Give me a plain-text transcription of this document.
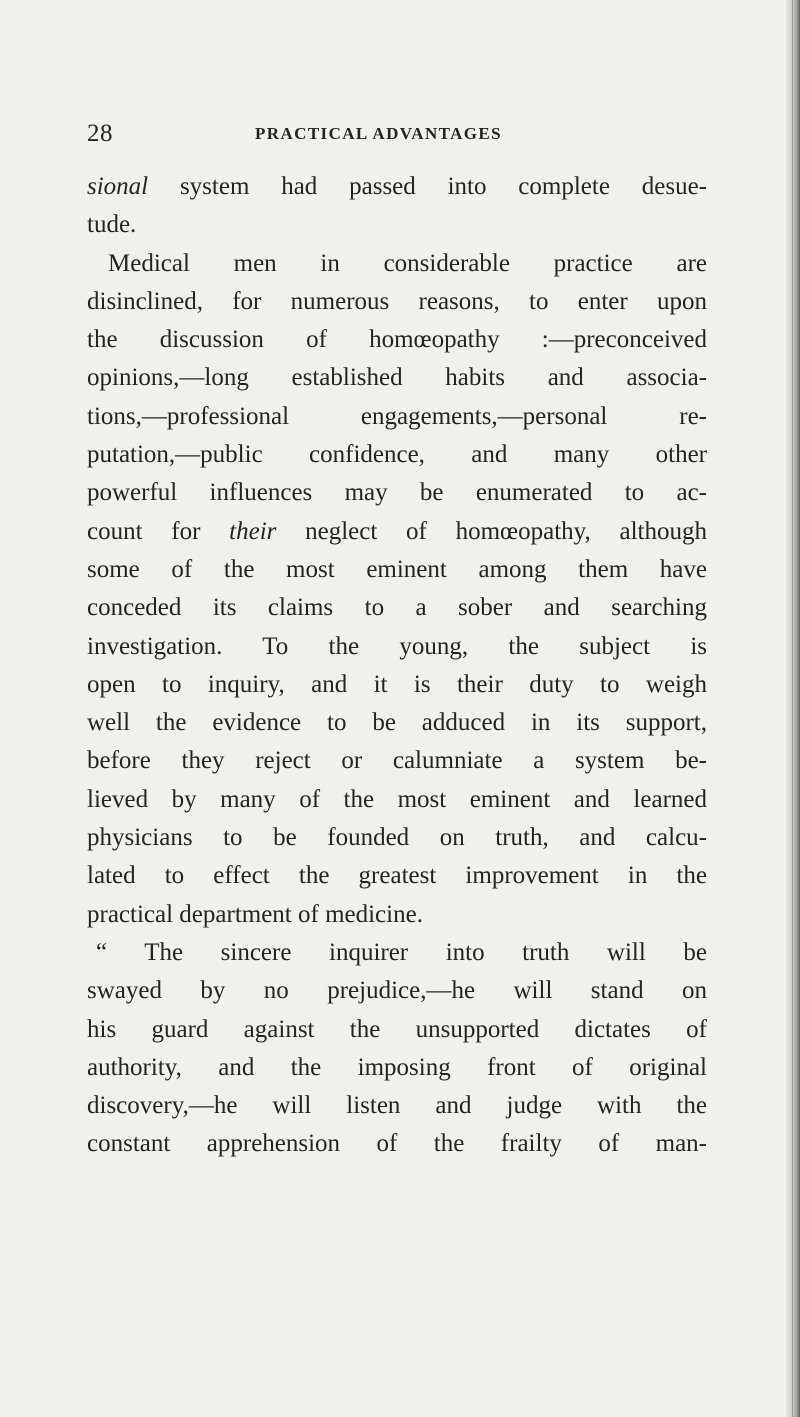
28	PRACTICAL ADVANTAGES
sional system had passed into complete desue-
tude.
Medical men in considerable practice are
disinclined, for numerous reasons, to enter upon
the discussion of homœopathy :—preconceived
opinions,—long established habits and associa-
tions,—professional engagements,—personal re-
putation,—public confidence, and many other
powerful influences may be enumerated to ac-
count for their neglect of homœopathy, although
some of the most eminent among them have
conceded its claims to a sober and searching
investigation. To the young, the subject is
open to inquiry, and it is their duty to weigh
well the evidence to be adduced in its support,
before they reject or calumniate a system be-
lieved by many of the most eminent and learned
physicians to be founded on truth, and calcu-
lated to effect the greatest improvement in the
practical department of medicine.
“ The sincere inquirer into truth will be
swayed by no prejudice,—he will stand on
his guard against the unsupported dictates of
authority, and the imposing front of original
discovery,—he will listen and judge with the
constant apprehension of the frailty of man-
